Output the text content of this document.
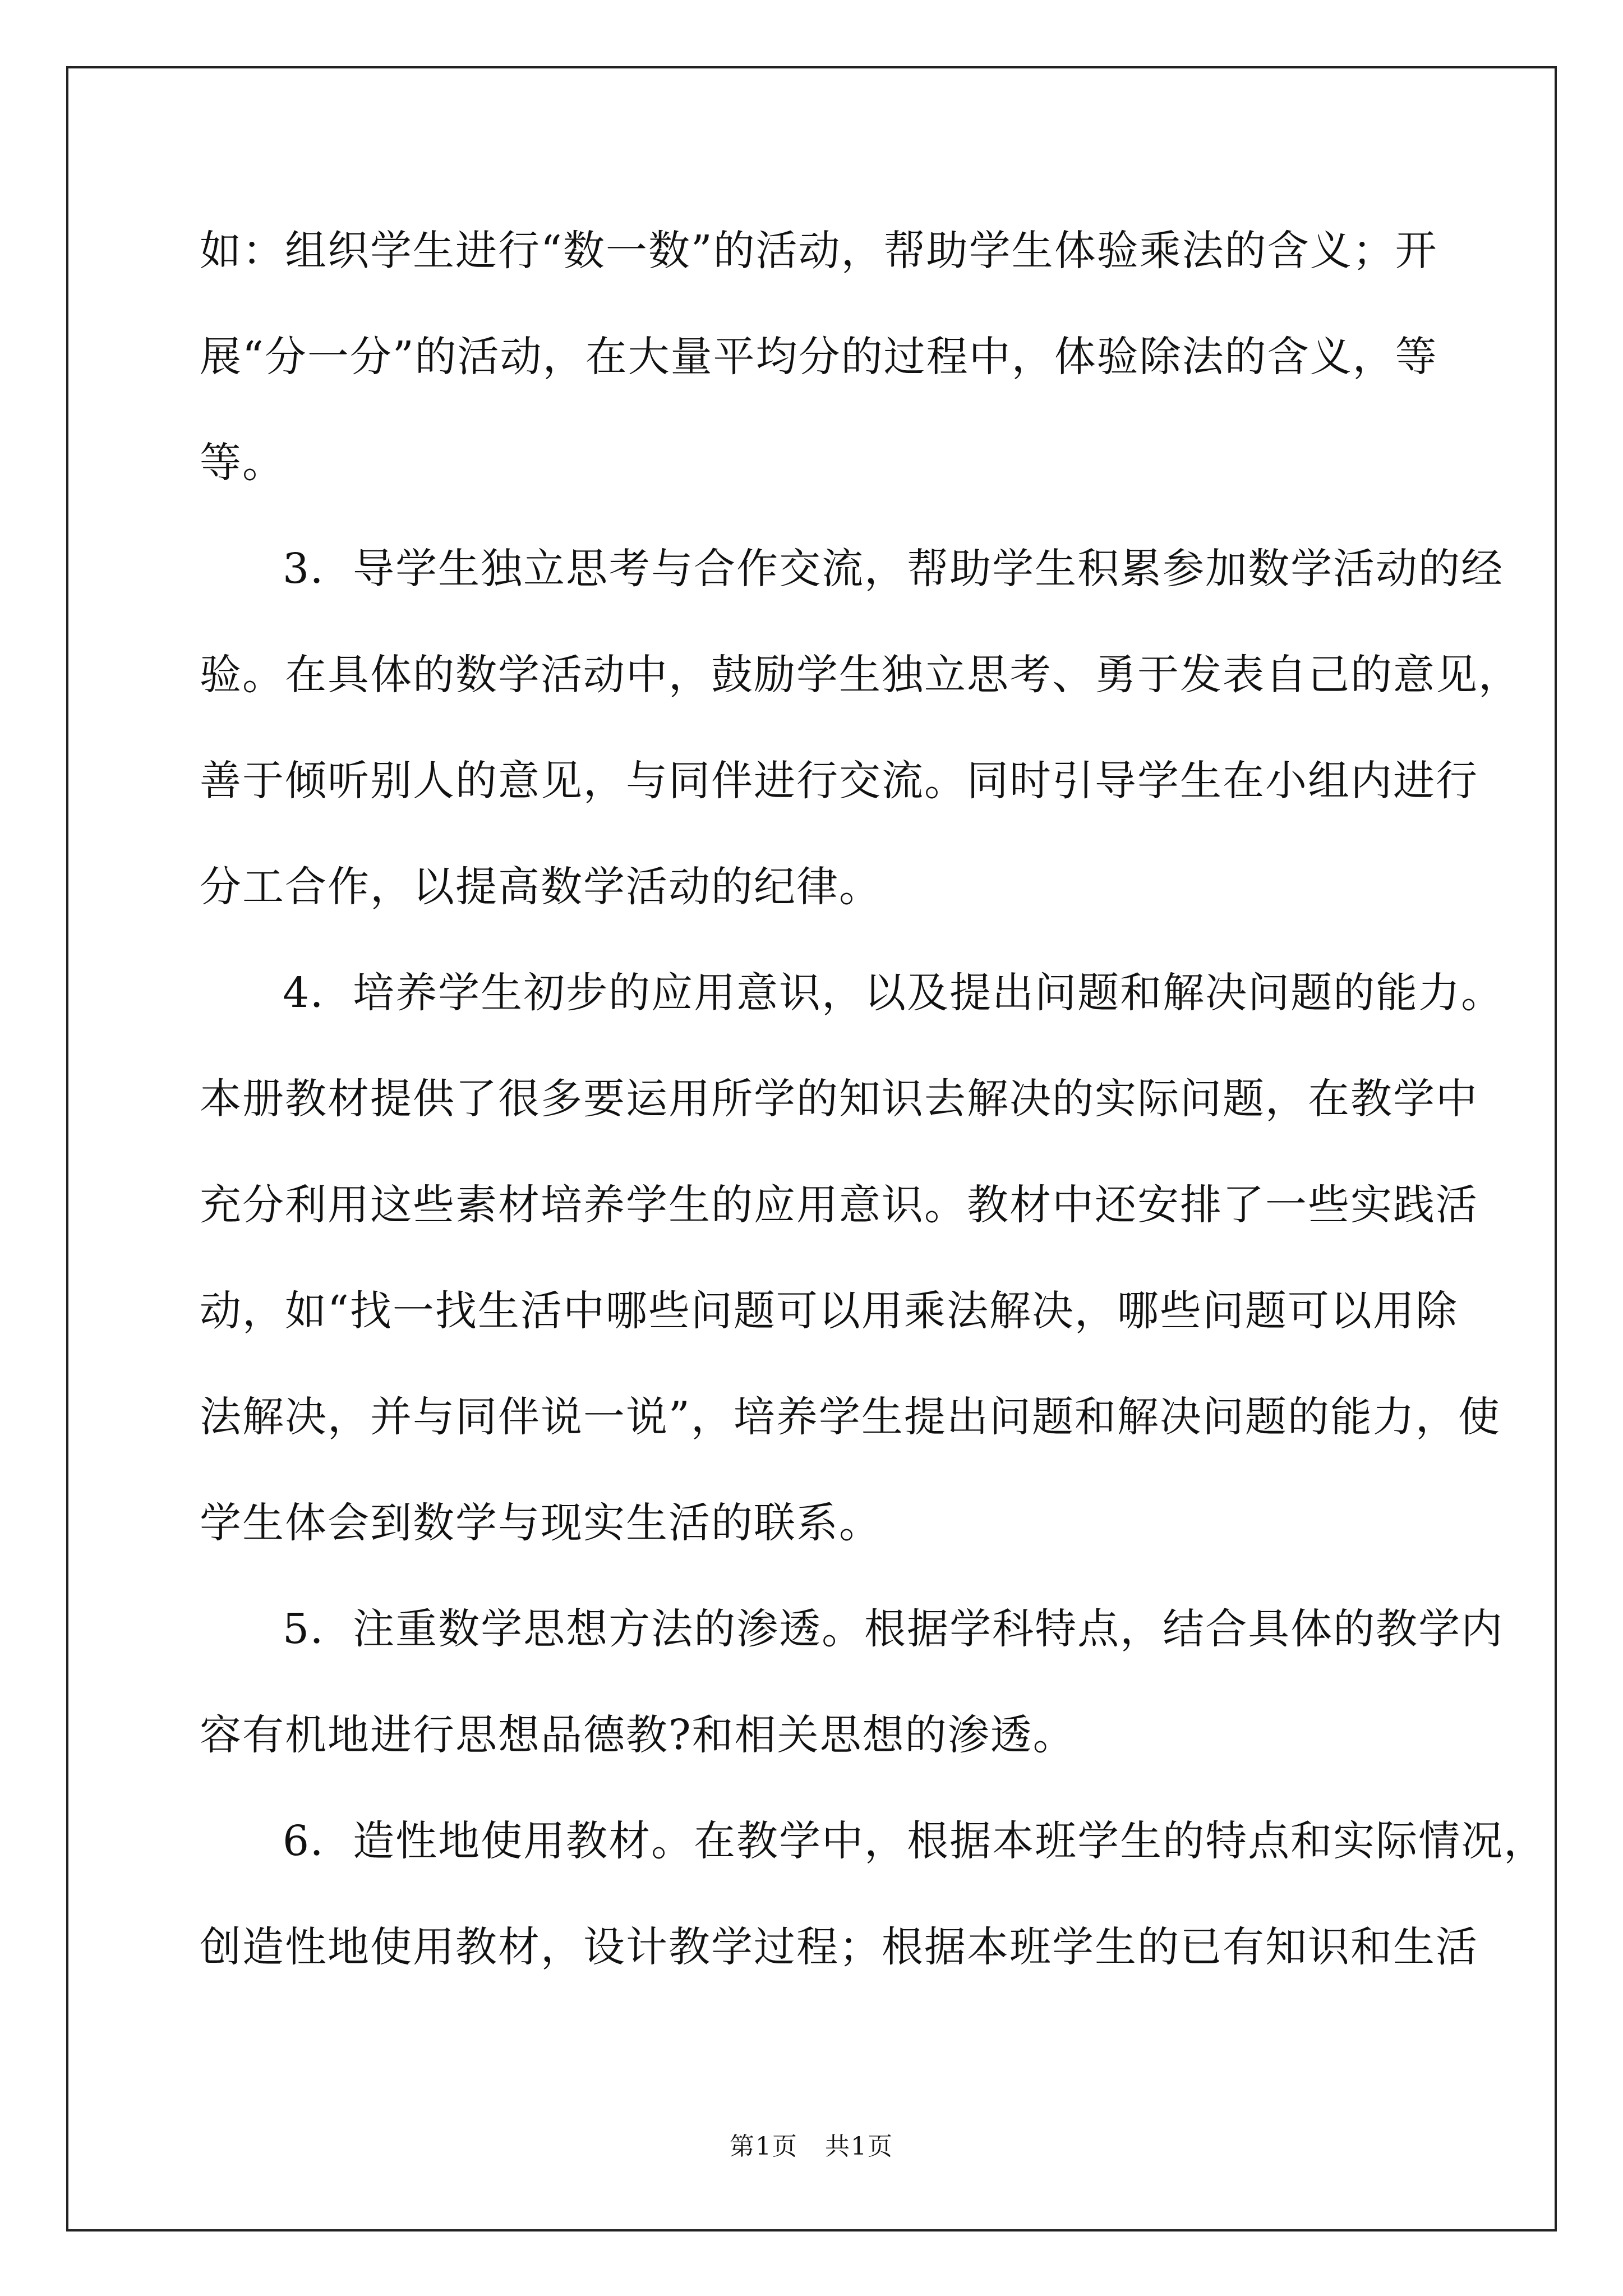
如：组织学生进行“数一数”的活动，帮助学生体验乘法的含义；开
展“分一分”的活动，在大量平均分的过程中，体验除法的含义，等
等。
3．导学生独立思考与合作交流，帮助学生积累参加数学活动的经
验。在具体的数学活动中，鼓励学生独立思考、勇于发表自己的意见，
善于倾听别人的意见，与同伴进行交流。同时引导学生在小组内进行
分工合作，以提高数学活动的纪律。
4．培养学生初步的应用意识，以及提出问题和解决问题的能力。
本册教材提供了很多要运用所学的知识去解决的实际问题，在教学中
充分利用这些素材培养学生的应用意识。教材中还安排了一些实践活
动，如“找一找生活中哪些问题可以用乘法解决，哪些问题可以用除
法解决，并与同伴说一说”，培养学生提出问题和解决问题的能力，使
学生体会到数学与现实生活的联系。
5．注重数学思想方法的渗透。根据学科特点，结合具体的教学内
容有机地进行思想品德教?和相关思想的渗透。
6．造性地使用教材。在教学中，根据本班学生的特点和实际情况，
创造性地使用教材，设计教学过程；根据本班学生的已有知识和生活
第1页 共1页
